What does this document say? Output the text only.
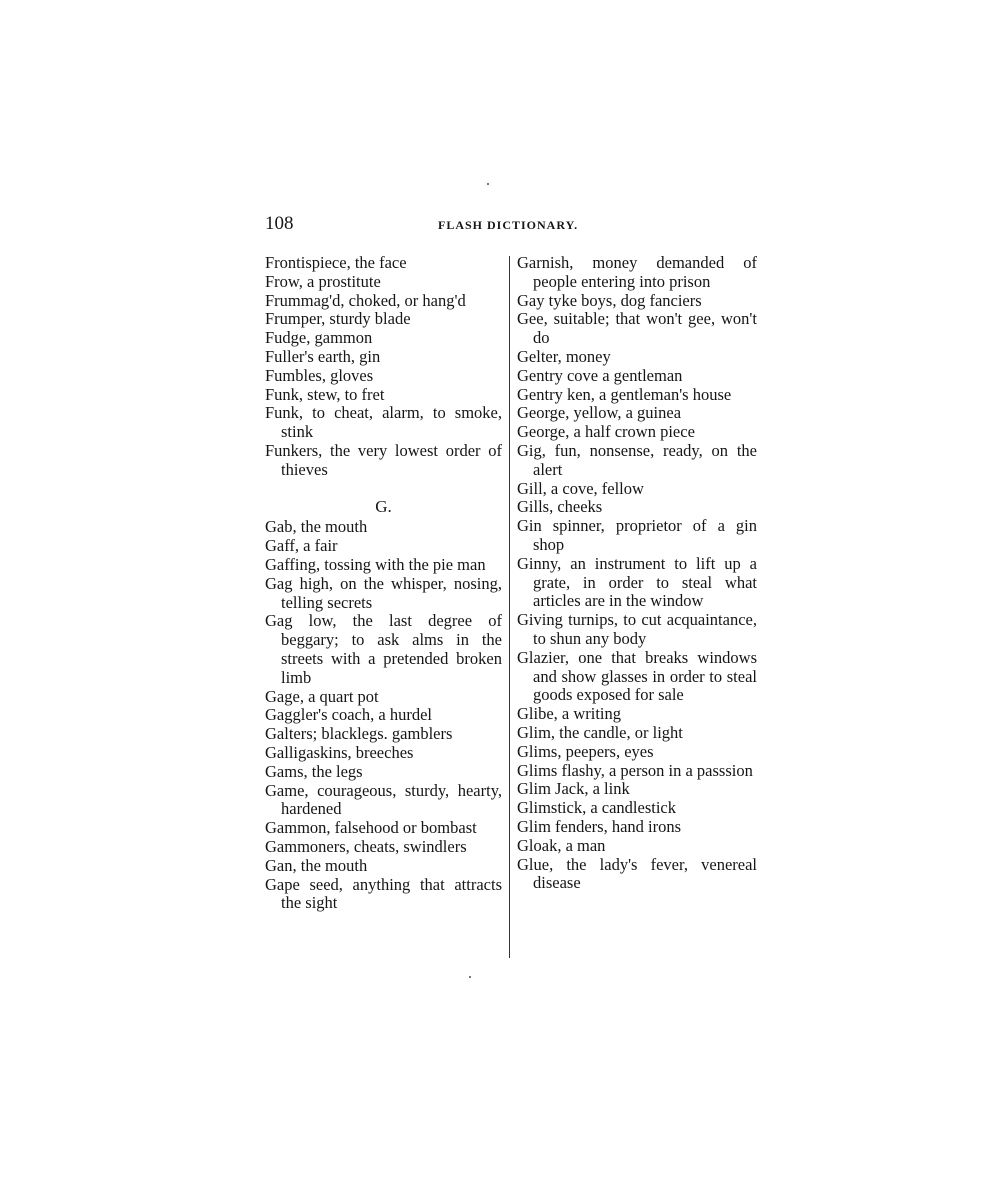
108	FLASH DICTIONARY.
Frontispiece, the face
Frow, a prostitute
Frummag'd, choked, or hang'd
Frumper, sturdy blade
Fudge, gammon
Fuller's earth, gin
Fumbles, gloves
Funk, stew, to fret
Funk, to cheat, alarm, to smoke, stink
Funkers, the very lowest order of thieves
G.
Gab, the mouth
Gaff, a fair
Gaffing, tossing with the pie man
Gag high, on the whisper, nosing, telling secrets
Gag low, the last degree of beggary; to ask alms in the streets with a pretended broken limb
Gage, a quart pot
Gaggler's coach, a hurdel
Galters; blacklegs. gamblers
Galligaskins, breeches
Gams, the legs
Game, courageous, sturdy, hearty, hardened
Gammon, falsehood or bombast
Gammoners, cheats, swindlers
Gan, the mouth
Gape seed, anything that attracts the sight
Garnish, money demanded of people entering into prison
Gay tyke boys, dog fanciers
Gee, suitable; that won't gee, won't do
Gelter, money
Gentry cove a gentleman
Gentry ken, a gentleman's house
George, yellow, a guinea
George, a half crown piece
Gig, fun, nonsense, ready, on the alert
Gill, a cove, fellow
Gills, cheeks
Gin spinner, proprietor of a gin shop
Ginny, an instrument to lift up a grate, in order to steal what articles are in the window
Giving turnips, to cut acquaintance, to shun any body
Glazier, one that breaks windows and show glasses in order to steal goods exposed for sale
Glibe, a writing
Glim, the candle, or light
Glims, peepers, eyes
Glims flashy, a person in a passsion
Glim Jack, a link
Glimstick, a candlestick
Glim fenders, hand irons
Gloak, a man
Glue, the lady's fever, venereal disease
